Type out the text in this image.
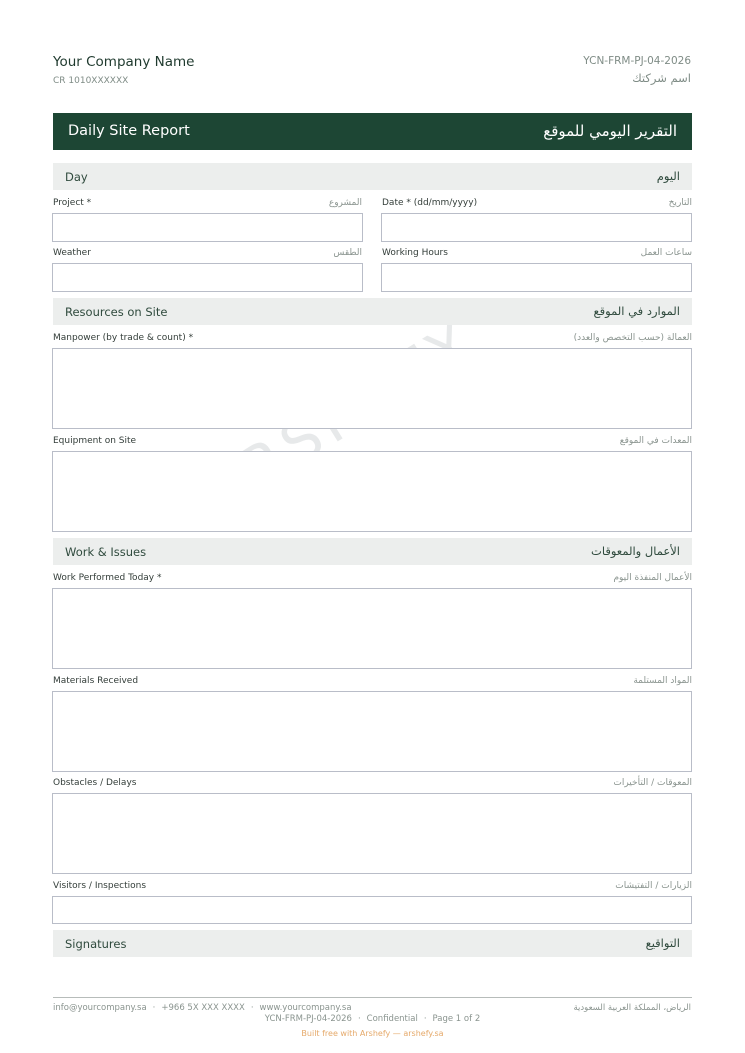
Your Company Name
CR 1010XXXXXX
YCN-FRM-PJ-04-2026
اسم شركتك
Daily Site Report	التقرير اليومي للموقع
Day	اليوم
Project *	المشروع Date * (dd/mm/yyyy)	التاريخ
Weather	الطقس Working Hours	ساعات العمل
Resources on Site	الموارد في الموقع
Manpower (by trade & count) *	العمالة (حسب التخصص والعدد)
Equipment on Site	المعدات في الموقع
Work & Issues	الأعمال والمعوقات
Work Performed Today *	الأعمال المنفذة اليوم
Materials Received	المواد المستلمة
Obstacles / Delays	المعوقات / التأخيرات
Visitors / Inspections	الزيارات / التفتيشات
Signatures	التواقيع
info@yourcompany.sa · +966 5X XXX XXXX · www.yourcompany.sa	الرياض، المملكة العربية السعودية
YCN-FRM-PJ-04-2026 · Confidential · Page 1 of 2
Built free with Arshefy — arshefy.sa
